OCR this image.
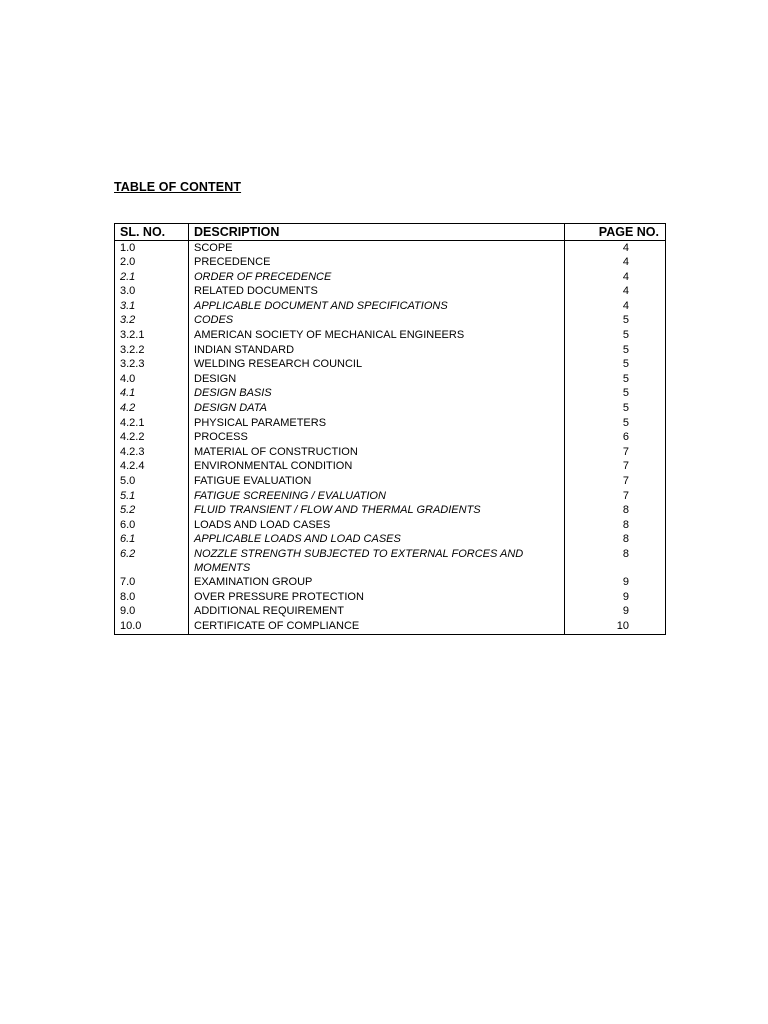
TABLE OF CONTENT
SL. NO.	DESCRIPTION	PAGE NO.
1.0	SCOPE	4
2.0	PRECEDENCE	4
2.1	ORDER OF PRECEDENCE	4
3.0	RELATED DOCUMENTS	4
3.1	APPLICABLE DOCUMENT AND SPECIFICATIONS	4
3.2	CODES	5
3.2.1	AMERICAN SOCIETY OF MECHANICAL ENGINEERS	5
3.2.2	INDIAN STANDARD	5
3.2.3	WELDING RESEARCH COUNCIL	5
4.0	DESIGN	5
4.1	DESIGN BASIS	5
4.2	DESIGN DATA	5
4.2.1	PHYSICAL PARAMETERS	5
4.2.2	PROCESS	6
4.2.3	MATERIAL OF CONSTRUCTION	7
4.2.4	ENVIRONMENTAL CONDITION	7
5.0	FATIGUE EVALUATION	7
5.1	FATIGUE SCREENING / EVALUATION	7
5.2	FLUID TRANSIENT / FLOW AND THERMAL GRADIENTS	8
6.0	LOADS AND LOAD CASES	8
6.1	APPLICABLE LOADS AND LOAD CASES	8
6.2	NOZZLE STRENGTH SUBJECTED TO EXTERNAL FORCES AND MOMENTS	8
7.0	EXAMINATION GROUP	9
8.0	OVER PRESSURE PROTECTION	9
9.0	ADDITIONAL REQUIREMENT	9
10.0	CERTIFICATE OF COMPLIANCE	10
